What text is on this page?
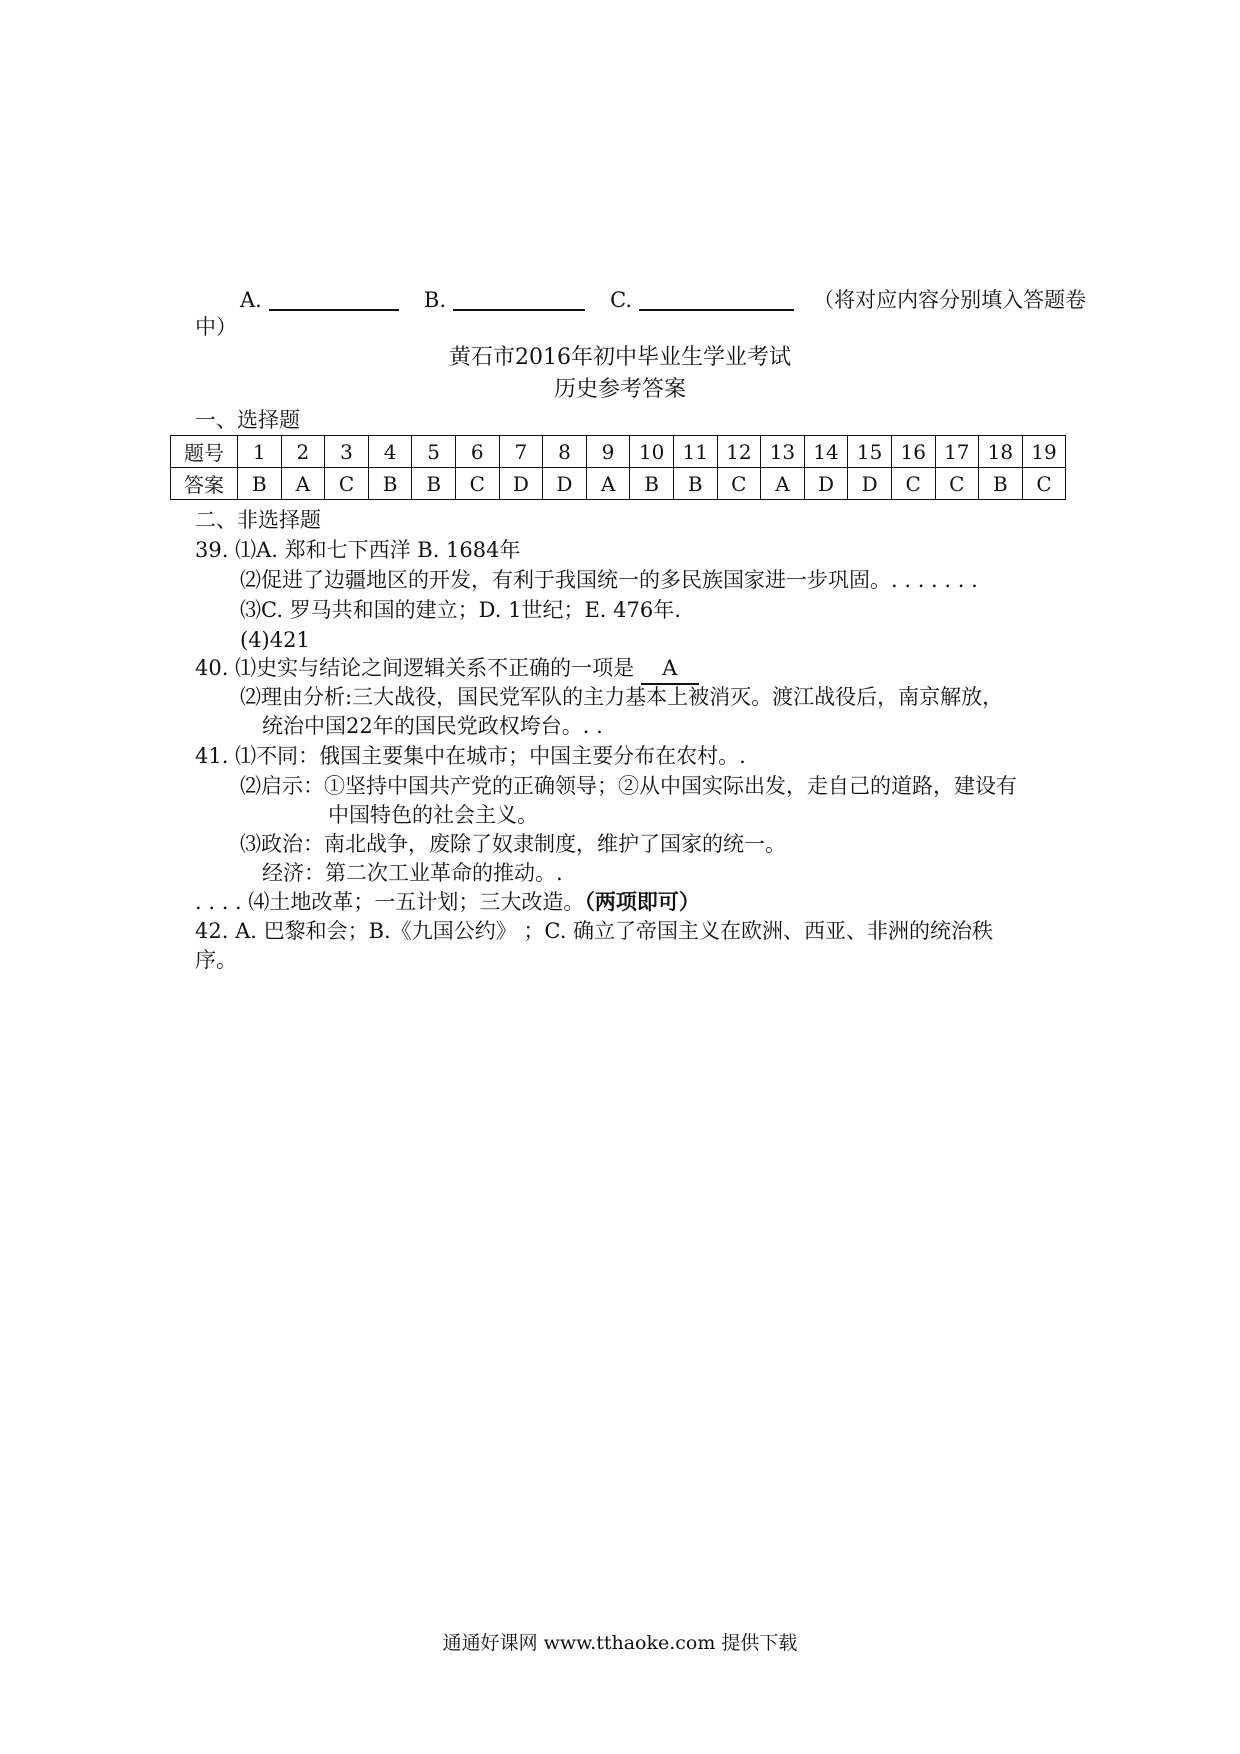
A.	B.	C.	（将对应内容分别填入答题卷
中）
黄石市2016年初中毕业生学业考试
历史参考答案
一、选择题
题号	1	2	3	4	5	6	7	8	9	10	11	12	13	14	15	16	17	18	19
答案	B	A	C	B	B	C	D	D	A	B	B	C	A	D	D	C	C	B	C
二、非选择题
39. ⑴A. 郑和七下西洋 B. 1684年
⑵促进了边疆地区的开发，有利于我国统一的多民族国家进一步巩固。. . . . . . .
⑶C. 罗马共和国的建立；D. 1世纪；E. 476年.
(4)421
40. ⑴史实与结论之间逻辑关系不正确的一项是 A
⑵理由分析:三大战役，国民党军队的主力基本上被消灭。渡江战役后，南京解放，
统治中国22年的国民党政权垮台。. .
41. ⑴不同：俄国主要集中在城市；中国主要分布在农村。.
⑵启示：①坚持中国共产党的正确领导；②从中国实际出发，走自己的道路，建设有
中国特色的社会主义。
⑶政治：南北战争，废除了奴隶制度，维护了国家的统一。
经济：第二次工业革命的推动。.
. . . . ⑷土地改革；一五计划；三大改造。（两项即可）
42. A. 巴黎和会；B.《九国公约》 ；C. 确立了帝国主义在欧洲、西亚、非洲的统治秩
序。
通通好课网 www.tthaoke.com 提供下载
